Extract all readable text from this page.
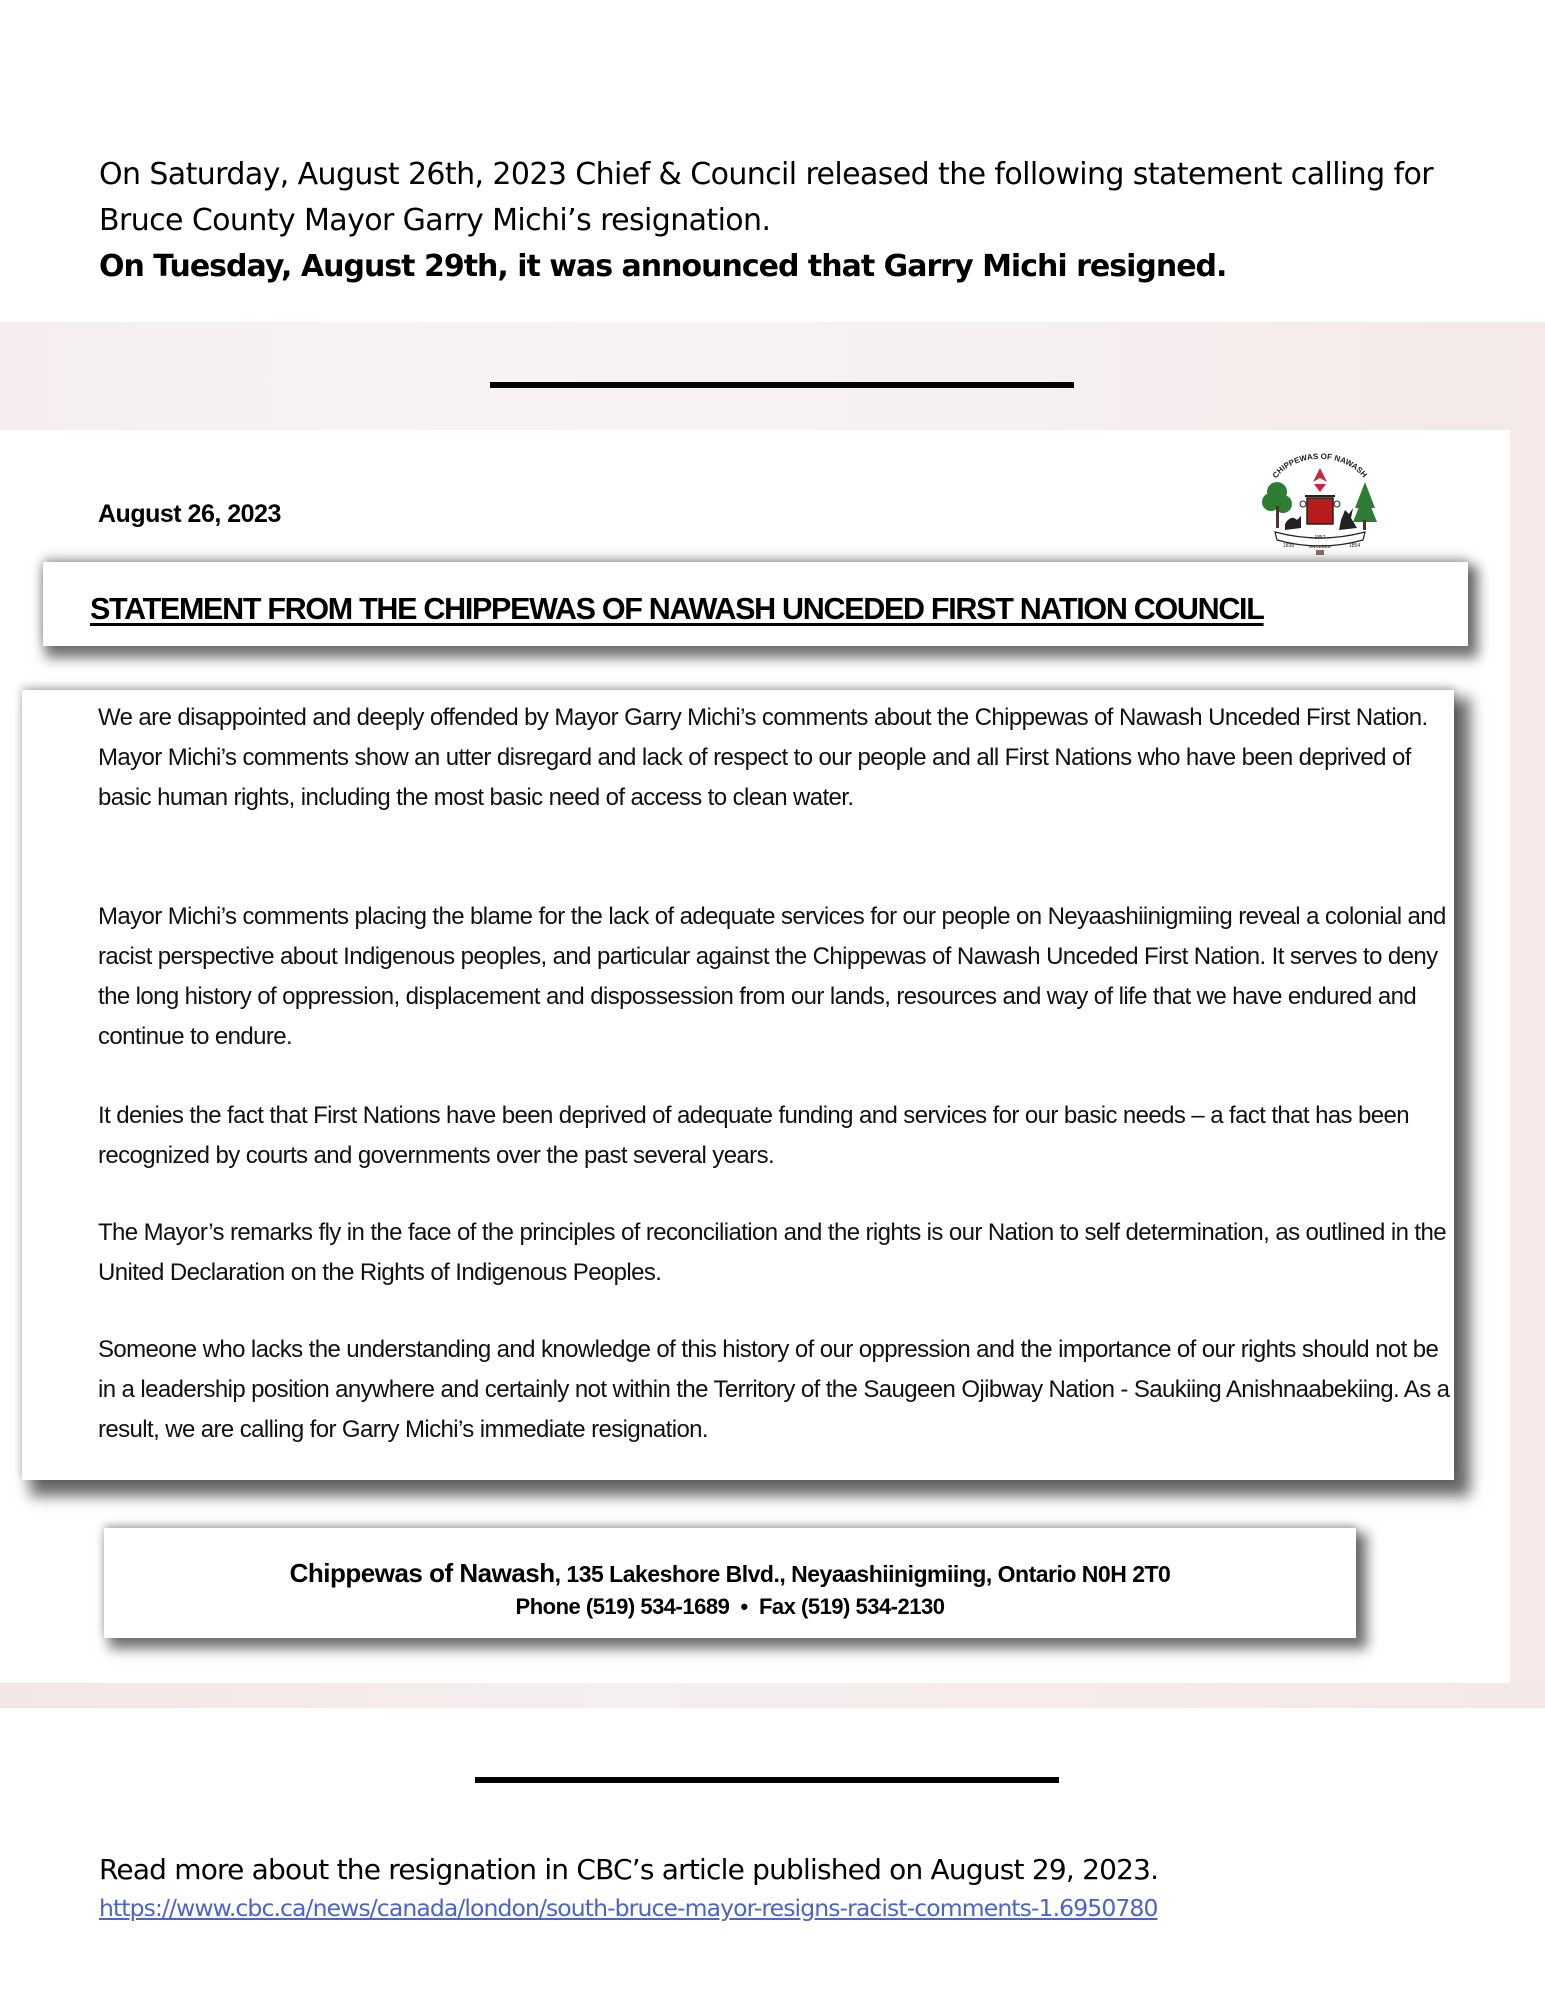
On Saturday, August 26th, 2023 Chief & Council released the following statement calling for Bruce County Mayor Garry Michi’s resignation.

On Tuesday, August 29th, it was announced that Garry Michi resigned.

August 26, 2023
CHIPPEWAS OF NAWASH
1857
1836	1854
UNCEDED
STATEMENT FROM THE CHIPPEWAS OF NAWASH UNCEDED FIRST NATION COUNCIL

We are disappointed and deeply offended by Mayor Garry Michi’s comments about the Chippewas of Nawash Unceded First Nation. Mayor Michi’s comments show an utter disregard and lack of respect to our people and all First Nations who have been deprived of basic human rights, including the most basic need of access to clean water.

Mayor Michi’s comments placing the blame for the lack of adequate services for our people on Neyaashiinigmiing reveal a colonial and racist perspective about Indigenous peoples, and particular against the Chippewas of Nawash Unceded First Nation. It serves to deny the long history of oppression, displacement and dispossession from our lands, resources and way of life that we have endured and continue to endure.

It denies the fact that First Nations have been deprived of adequate funding and services for our basic needs – a fact that has been recognized by courts and governments over the past several years.

The Mayor’s remarks fly in the face of the principles of reconciliation and the rights is our Nation to self determination, as outlined in the United Declaration on the Rights of Indigenous Peoples.

Someone who lacks the understanding and knowledge of this history of our oppression and the importance of our rights should not be in a leadership position anywhere and certainly not within the Territory of the Saugeen Ojibway Nation - Saukiing Anishnaabekiing. As a result, we are calling for Garry Michi’s immediate resignation.

Chippewas of Nawash, 135 Lakeshore Blvd., Neyaashiinigmiing, Ontario N0H 2T0
Phone (519) 534-1689 • Fax (519) 534-2130

Read more about the resignation in CBC’s article published on August 29, 2023.

https://www.cbc.ca/news/canada/london/south-bruce-mayor-resigns-racist-comments-1.6950780
